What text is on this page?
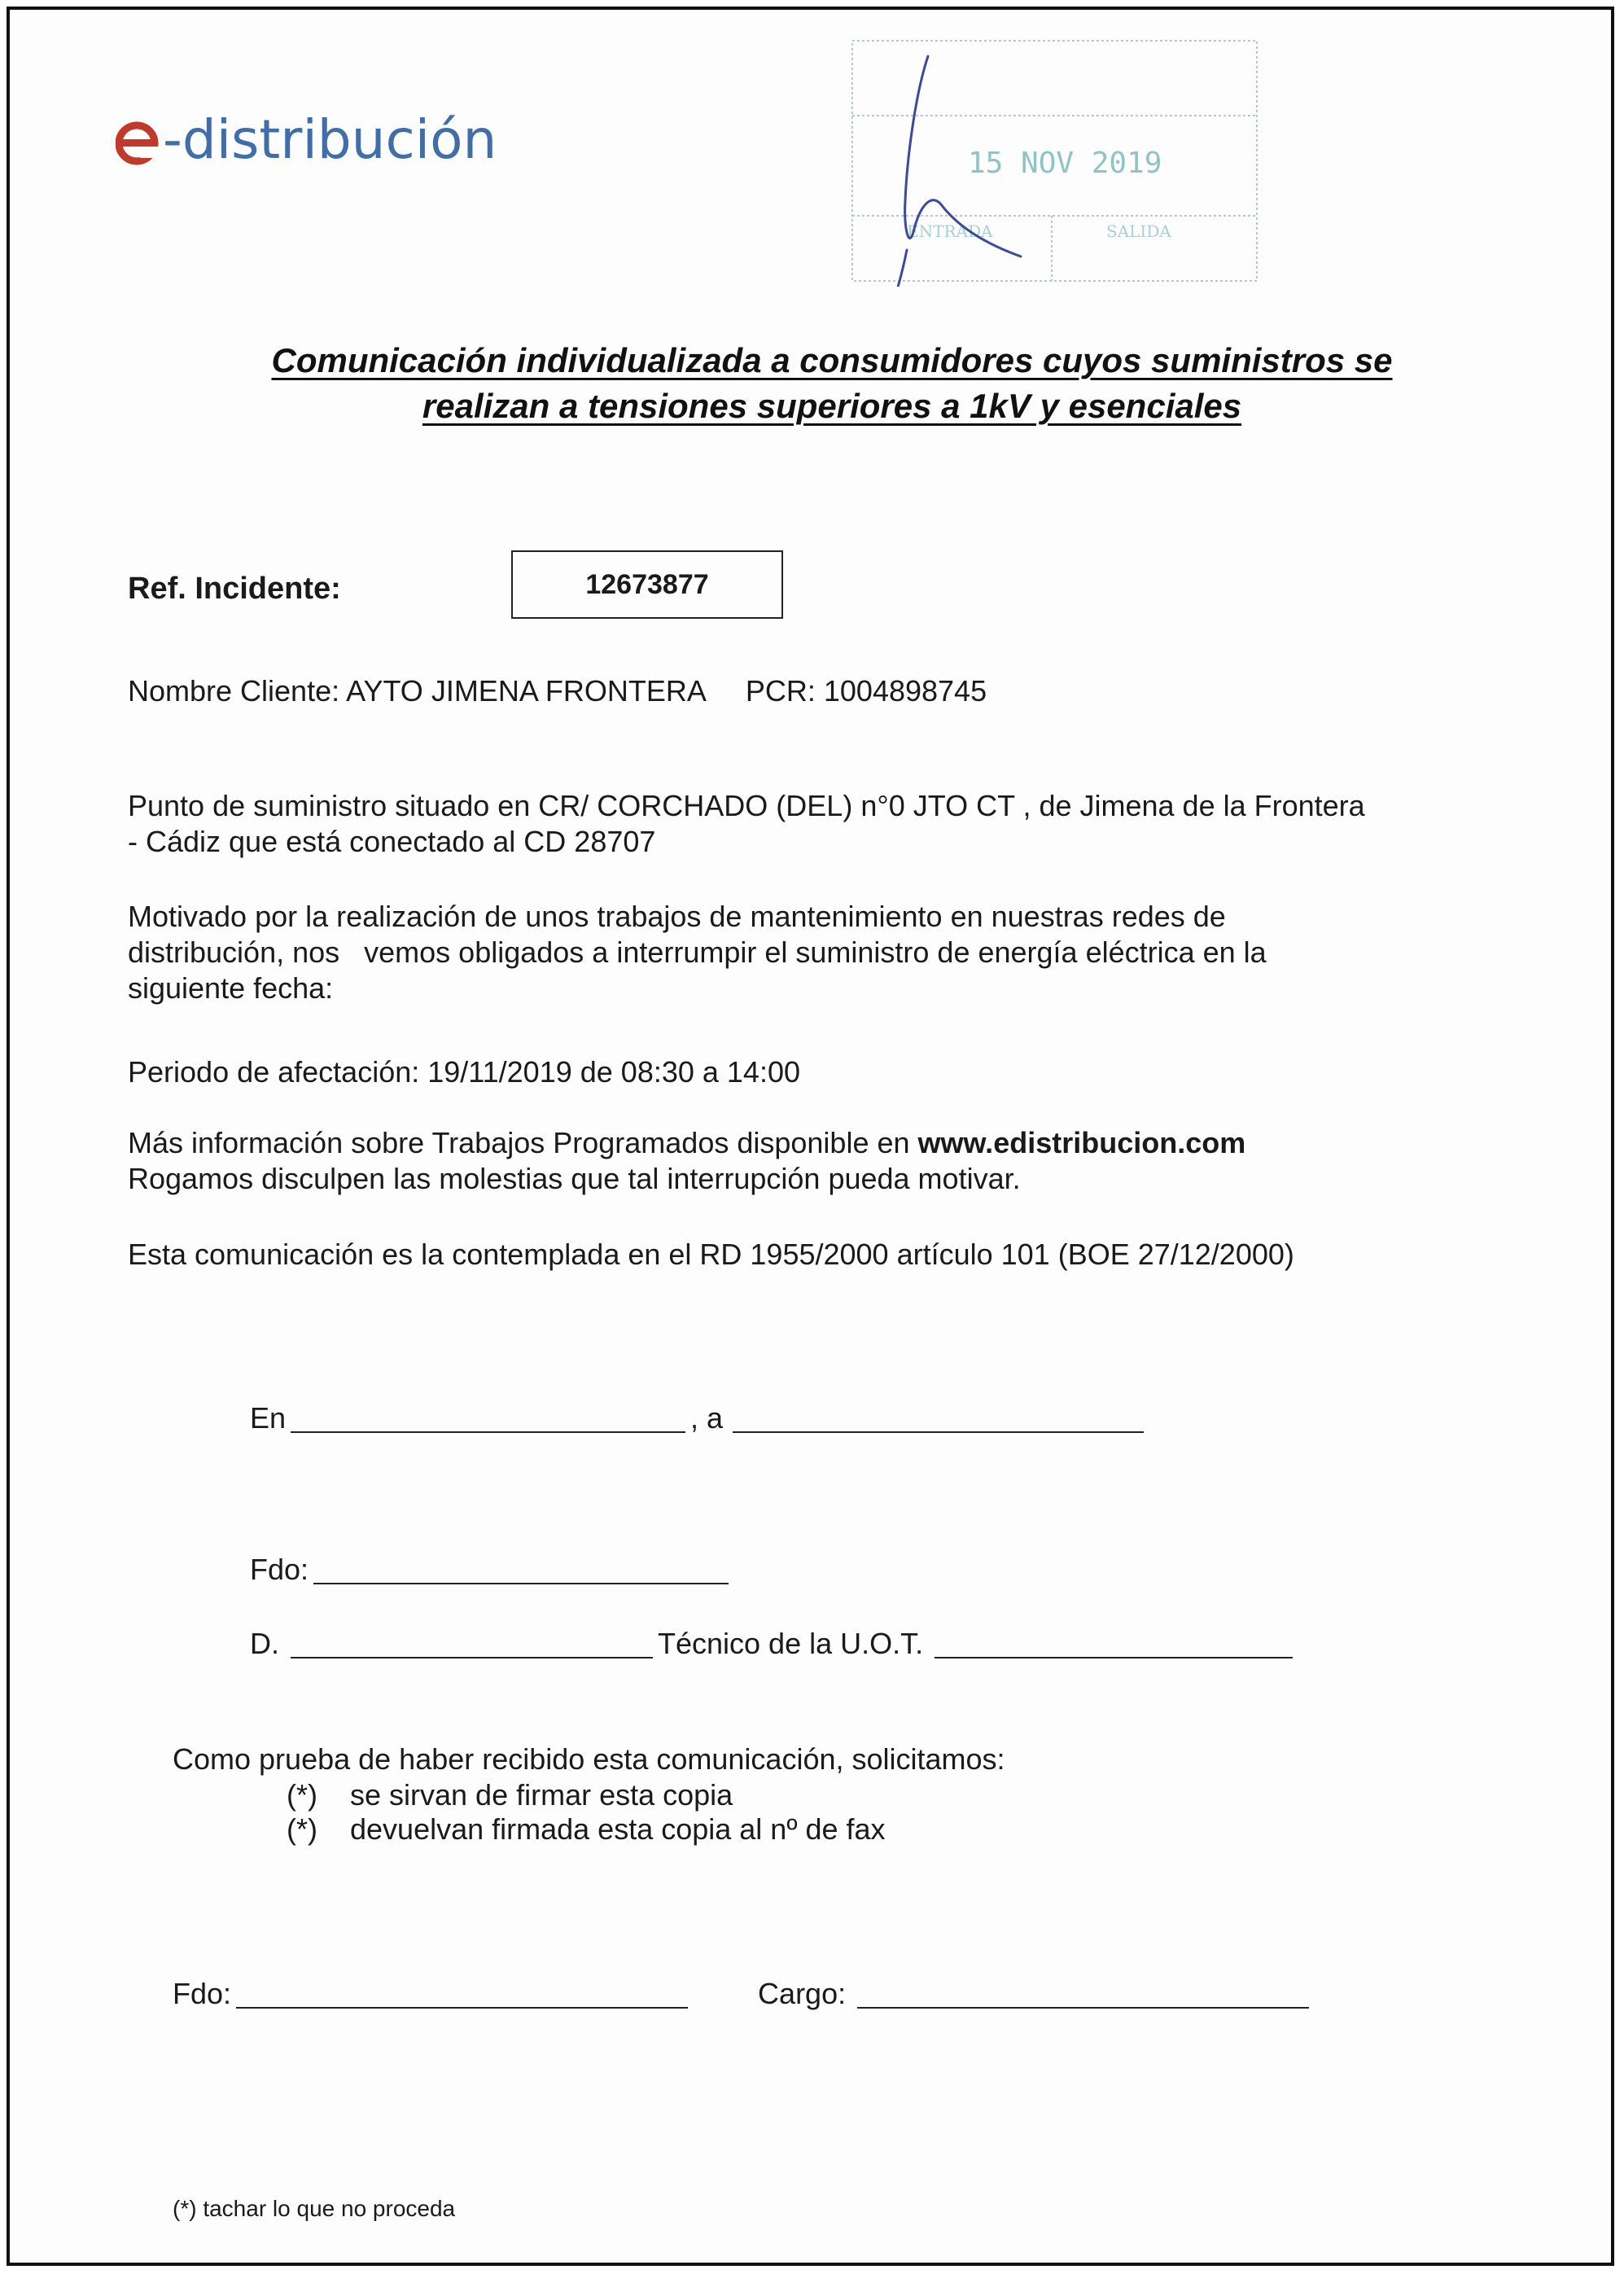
-distribución	15 NOV 2019
ENTRADA	SALIDA
Comunicación individualizada a consumidores cuyos suministros se
realizan a tensiones superiores a 1kV y esenciales
Ref. Incidente:	12673877

Nombre Cliente: AYTO JIMENA FRONTERA     PCR: 1004898745

Punto de suministro situado en CR/ CORCHADO (DEL) n°0 JTO CT , de Jimena de la Frontera
- Cádiz que está conectado al CD 28707

Motivado por la realización de unos trabajos de mantenimiento en nuestras redes de
distribución, nos   vemos obligados a interrumpir el suministro de energía eléctrica en la
siguiente fecha:

Periodo de afectación: 19/11/2019 de 08:30 a 14:00

Más información sobre Trabajos Programados disponible en www.edistribucion.com
Rogamos disculpen las molestias que tal interrupción pueda motivar.

Esta comunicación es la contemplada en el RD 1955/2000 artículo 101 (BOE 27/12/2000)

En	, a
Fdo:
D.	Técnico de la U.O.T.

Como prueba de haber recibido esta comunicación, solicitamos:

(*)	se sirvan de firmar esta copia
(*)	devuelvan firmada esta copia al nº de fax
Fdo:	Cargo:
(*) tachar lo que no proceda
